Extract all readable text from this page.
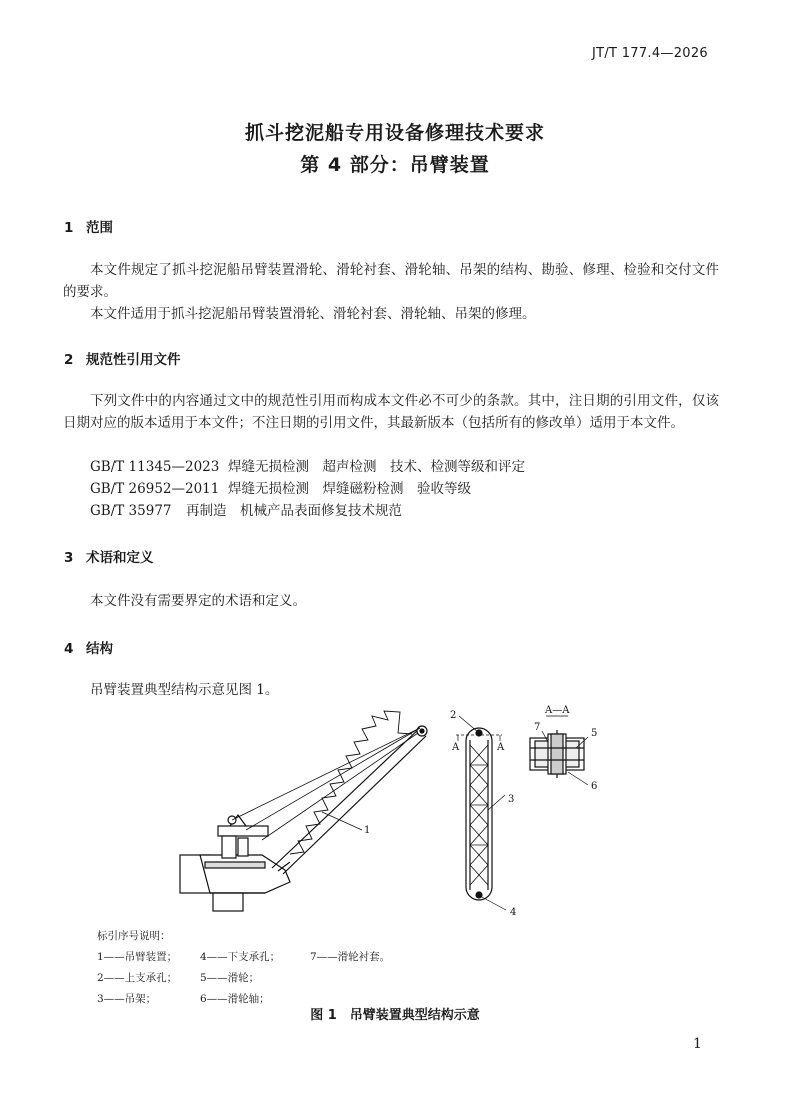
JT/T 177.4—2026
抓斗挖泥船专用设备修理技术要求
第 4 部分：吊臂装置
1 范围
本文件规定了抓斗挖泥船吊臂装置滑轮、滑轮衬套、滑轮轴、吊架的结构、勘验、修理、检验和交付文件的要求。
本文件适用于抓斗挖泥船吊臂装置滑轮、滑轮衬套、滑轮轴、吊架的修理。
2 规范性引用文件
下列文件中的内容通过文中的规范性引用而构成本文件必不可少的条款。其中，注日期的引用文件，仅该日期对应的版本适用于本文件；不注日期的引用文件，其最新版本（包括所有的修改单）适用于本文件。
GB/T 11345—2023 焊缝无损检测　超声检测　技术、检测等级和评定
GB/T 26952—2011 焊缝无损检测　焊缝磁粉检测　验收等级
GB/T 35977 再制造　机械产品表面修复技术规范
3 术语和定义
本文件没有需要界定的术语和定义。
4 结构
吊臂装置典型结构示意见图 1。
1
2
3
4
5
6
7
A—A
A	A
标引序号说明：
1——吊臂装置； 4——下支承孔；	7——滑轮衬套。
2——上支承孔； 5——滑轮；
3——吊架；	6——滑轮轴；
图 1　吊臂装置典型结构示意
1
